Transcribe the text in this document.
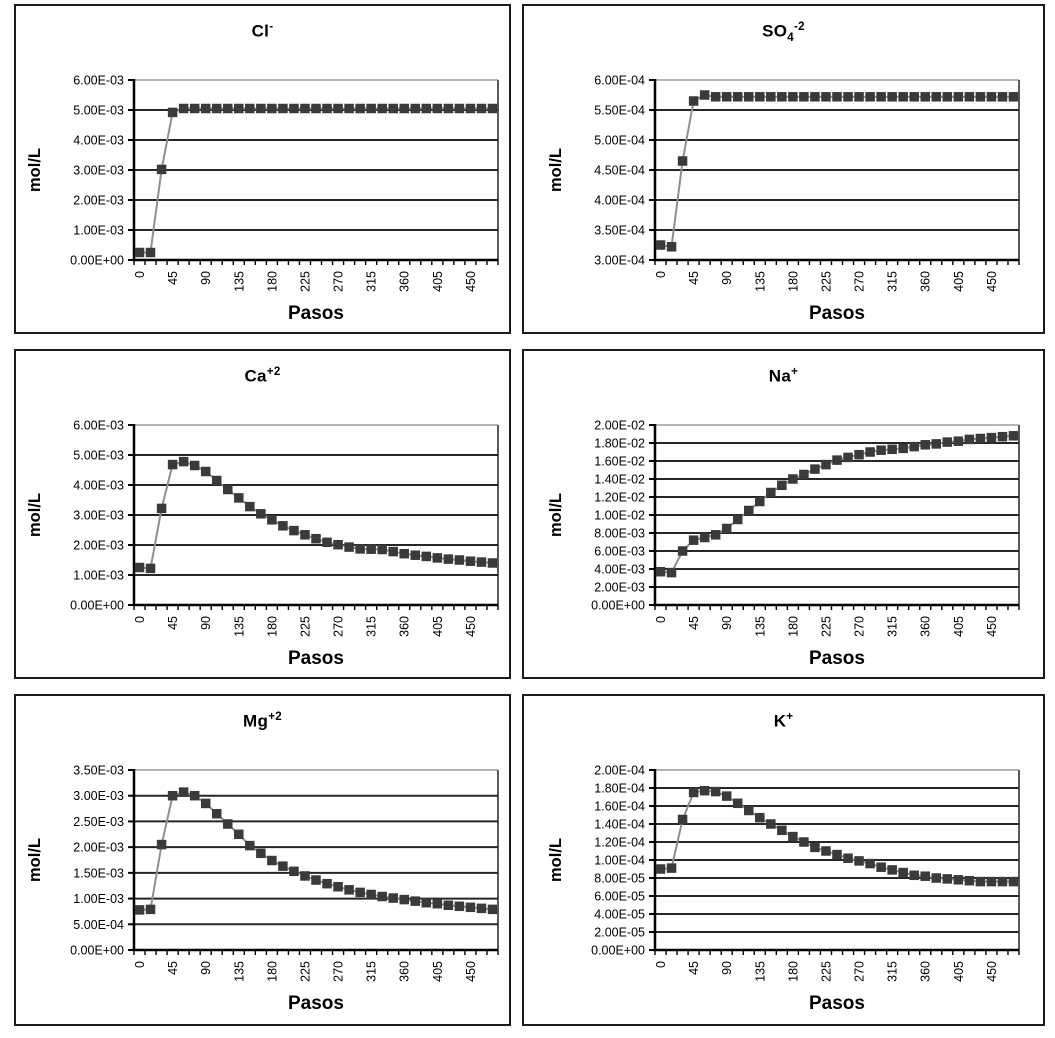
Cl-
6.00E-03
5.00E-03
4.00E-03
3.00E-03
2.00E-03
1.00E-03
0.00E+00
0 45 90 135 180 225 270 315 360 405 450
Pasos
mol/L
$SO_4^{-2}$
6.00E-04
5.50E-04
5.00E-04
4.50E-04
4.00E-04
3.50E-04
3.00E-04
0 45 90 135 180 225 270 315 360 405 450
Pasos
mol/L
$Ca^{+2}$
6.00E-03
5.00E-03
4.00E-03
3.00E-03
2.00E-03
1.00E-03
0.00E+00
0 45 90 135 180 225 270 315 360 405 450
Pasos
mol/L
Na+
2.00E-02
1.80E-02
1.60E-02
1.40E-02
1.20E-02
1.00E-02
8.00E-03
6.00E-03
4.00E-03
2.00E-03
0.00E+00
0 45 90 135 180 225 270 315 360 405 450
Pasos
mol/L
$Mg^{+2}$
3.50E-03
3.00E-03
2.50E-03
2.00E-03
1.50E-03
1.00E-03
5.00E-04
0.00E+00
0 45 90 135 180 225 270 315 360 405 450
Pasos
mol/L
K+
2.00E-04
1.80E-04
1.60E-04
1.40E-04
1.20E-04
1.00E-04
8.00E-05
6.00E-05
4.00E-05
2.00E-05
0.00E+00
0 45 90 135 180 225 270 315 360 405 450
Pasos
mol/L
